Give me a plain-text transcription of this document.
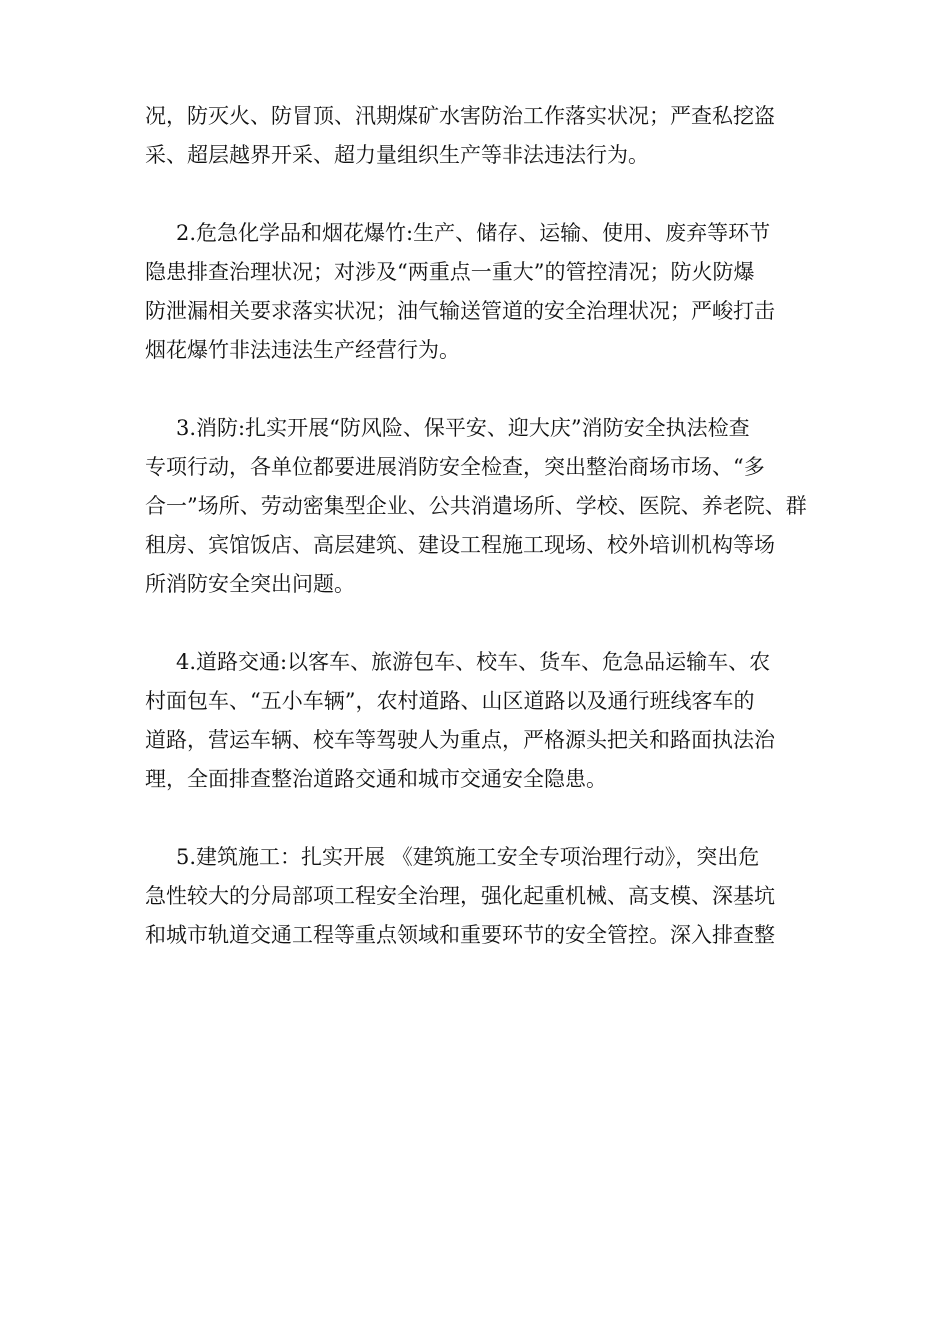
况，防灭火、防冒顶、汛期煤矿水害防治工作落实状况；严查私挖盗
采、超层越界开采、超力量组织生产等非法违法行为。
2.危急化学品和烟花爆竹:生产、储存、运输、使用、废弃等环节
隐患排查治理状况；对涉及“两重点一重大”的管控清况；防火防爆
防泄漏相关要求落实状况；油气输送管道的安全治理状况；严峻打击
烟花爆竹非法违法生产经营行为。
3.消防:扎实开展“防风险、保平安、迎大庆”消防安全执法检查
专项行动，各单位都要进展消防安全检查，突出整治商场市场、“多
合一”场所、劳动密集型企业、公共消遣场所、学校、医院、养老院、群
租房、宾馆饭店、高层建筑、建设工程施工现场、校外培训机构等场
所消防安全突出问题。
4.道路交通:以客车、旅游包车、校车、货车、危急品运输车、农
村面包车、“五小车辆”，农村道路、山区道路以及通行班线客车的
道路，营运车辆、校车等驾驶人为重点，严格源头把关和路面执法治
理，全面排查整治道路交通和城市交通安全隐患。
5.建筑施工：扎实开展 《建筑施工安全专项治理行动》，突出危
急性较大的分局部项工程安全治理，强化起重机械、高支模、深基坑
和城市轨道交通工程等重点领域和重要环节的安全管控。深入排查整
